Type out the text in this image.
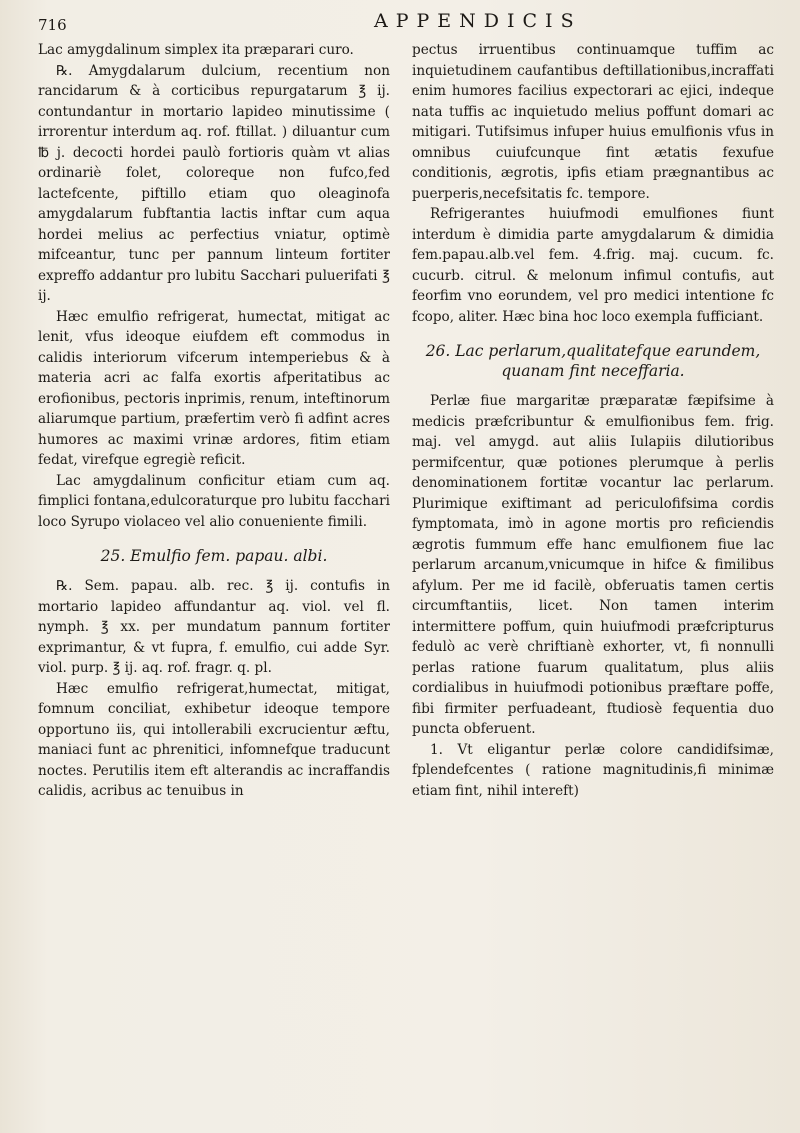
716	APPENDICIS

Lac amygdalinum simplex ita præparari curo.

℞. Amygdalarum dulcium, recentium non rancidarum & à corticibus repurgatarum ℥ ij. contundantur in mortario lapideo minutissime ( irrorentur interdum aq. rof. ftillat. ) diluantur cum ℔ j. decocti hordei paulò fortioris quàm vt alias ordinariè folet, coloreque non fufco,fed lactefcente, piftillo etiam quo oleaginofa amygdalarum fubftantia lactis inftar cum aqua hordei melius ac perfectius vniatur, optimè mifceantur, tunc per pannum linteum fortiter expreffo addantur pro lubitu Sacchari puluerifati ℥ ij.

Hæc emulfio refrigerat, humectat, mitigat ac lenit, vfus ideoque eiufdem eft commodus in calidis interiorum vifcerum intemperiebus & à materia acri ac falfa exortis afperitatibus ac erofionibus, pectoris inprimis, renum, inteftinorum aliarumque partium, præfertim verò fi adfint acres humores ac maximi vrinæ ardores, fitim etiam fedat, virefque egregiè reficit.

Lac amygdalinum conficitur etiam cum aq. fimplici fontana,edulcoraturque pro lubitu facchari loco Syrupo violaceo vel alio conueniente fimili.

25. Emulfio fem. papau. albi.

℞. Sem. papau. alb. rec. ℥ ij. contufis in mortario lapideo affundantur aq. viol. vel fl. nymph. ℥ xx. per mundatum pannum fortiter exprimantur, & vt fupra, f. emulfio, cui adde Syr. viol. purp. ℥ ij. aq. rof. fragr. q. pl.

Hæc emulfio refrigerat,humectat, mitigat, fomnum conciliat, exhibetur ideoque tempore opportuno iis, qui intollerabili excrucientur æftu, maniaci funt ac phrenitici, infomnefque traducunt noctes. Perutilis item eft alterandis ac incraffandis calidis, acribus ac tenuibus in

pectus irruentibus continuamque tuffim ac inquietudinem caufantibus deftillationibus,incraffati enim humores facilius expectorari ac ejici, indeque nata tuffis ac inquietudo melius poffunt domari ac mitigari. Tutifsimus infuper huius emulfionis vfus in omnibus cuiufcunque fint ætatis fexufue conditionis, ægrotis, ipfis etiam prægnantibus ac puerperis,necefsitatis fc. tempore.

Refrigerantes huiufmodi emulfiones fiunt interdum è dimidia parte amygdalarum & dimidia fem.papau.alb.vel fem. 4.frig. maj. cucum. fc. cucurb. citrul. & melonum infimul contufis, aut feorfim vno eorundem, vel pro medici intentione fc fcopo, aliter. Hæc bina hoc loco exempla fufficiant.

26. Lac perlarum,qualitatefque earundem, quanam fint neceffaria.

Perlæ fiue margaritæ præparatæ fæpifsime à medicis præfcribuntur & emulfionibus fem. frig. maj. vel amygd. aut aliis Iulapiis dilutioribus permifcentur, quæ potiones plerumque à perlis denominationem fortitæ vocantur lac perlarum. Plurimique exiftimant ad periculofifsima cordis fymptomata, imò in agone mortis pro reficiendis ægrotis fummum effe hanc emulfionem fiue lac perlarum arcanum,vnicumque in hifce & fimilibus afylum. Per me id facilè, obferuatis tamen certis circumftantiis, licet. Non tamen interim intermittere poffum, quin huiufmodi præfcripturus fedulò ac verè chriftianè exhorter, vt, fi nonnulli perlas ratione fuarum qualitatum, plus aliis cordialibus in huiufmodi potionibus præftare poffe, fibi firmiter perfuadeant, ftudiosè fequentia duo puncta obferuent.

1. Vt eligantur perlæ colore candidifsimæ, fplendefcentes ( ratione magnitudinis,fi minimæ etiam fint, nihil intereft)
